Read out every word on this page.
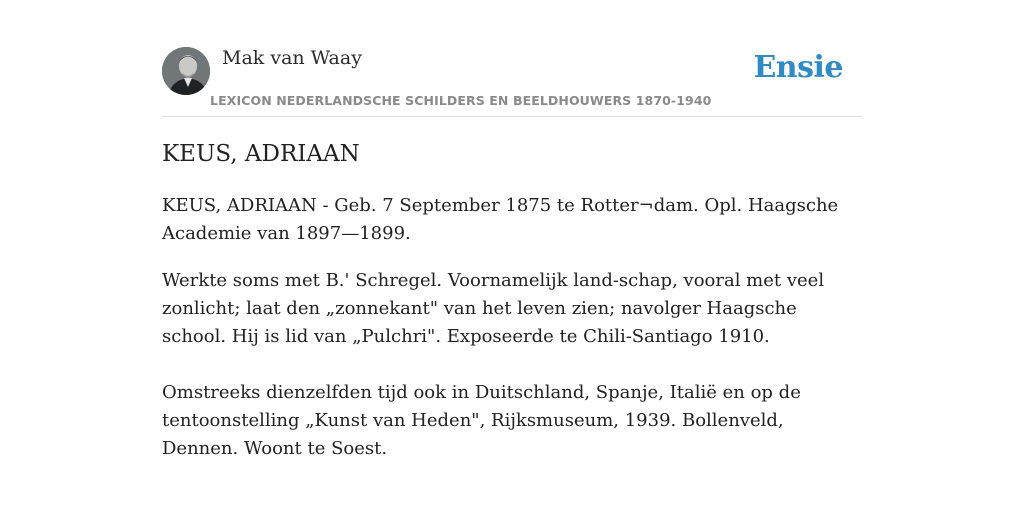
Mak van Waay
LEXICON NEDERLANDSCHE SCHILDERS EN BEELDHOUWERS 1870-1940
Ensie
KEUS, ADRIAAN

KEUS, ADRIAAN - Geb. 7 September 1875 te Rotter¬dam. Opl. Haagsche Academie van 1897—1899.

Werkte soms met B.' Schregel. Voornamelijk land-schap, vooral met veel zonlicht; laat den „zonnekant" van het leven zien; navolger Haagsche school. Hij is lid van „Pulchri". Exposeerde te Chili-Santiago 1910.

Omstreeks dienzelfden tijd ook in Duitschland, Spanje, Italië en op de tentoonstelling „Kunst van Heden", Rijksmuseum, 1939. Bollenveld, Dennen. Woont te Soest.
